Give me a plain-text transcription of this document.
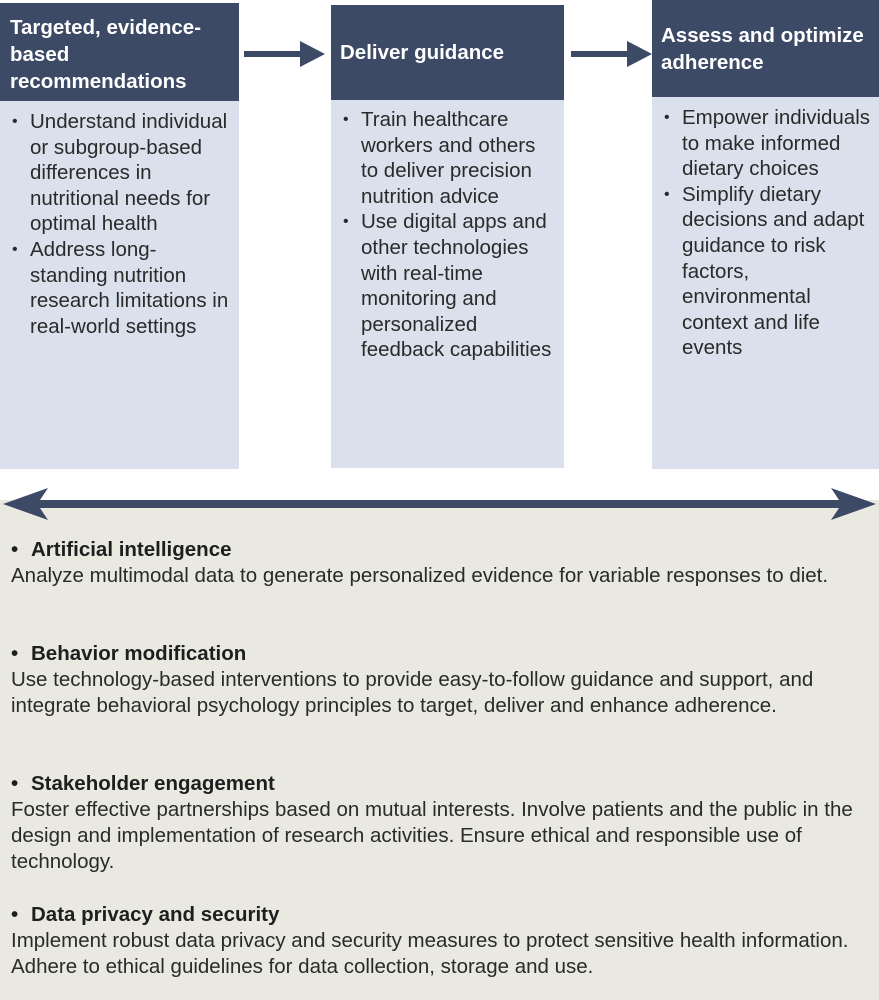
Targeted, evidence-based recommendations
• Understand individual or subgroup-based differences in nutritional needs for optimal health
• Address long-standing nutrition research limitations in real-world settings
Deliver guidance
• Train healthcare workers and others to deliver precision nutrition advice
• Use digital apps and other technologies with real-time monitoring and personalized feedback capabilities
Assess and optimize adherence
• Empower individuals to make informed dietary choices
• Simplify dietary decisions and adapt guidance to risk factors, environmental context and life events
• Artificial intelligence
Analyze multimodal data to generate personalized evidence for variable responses to diet.
• Behavior modification
Use technology-based interventions to provide easy-to-follow guidance and support, and integrate behavioral psychology principles to target, deliver and enhance adherence.
• Stakeholder engagement
Foster effective partnerships based on mutual interests. Involve patients and the public in the design and implementation of research activities. Ensure ethical and responsible use of technology.
• Data privacy and security
Implement robust data privacy and security measures to protect sensitive health information. Adhere to ethical guidelines for data collection, storage and use.
